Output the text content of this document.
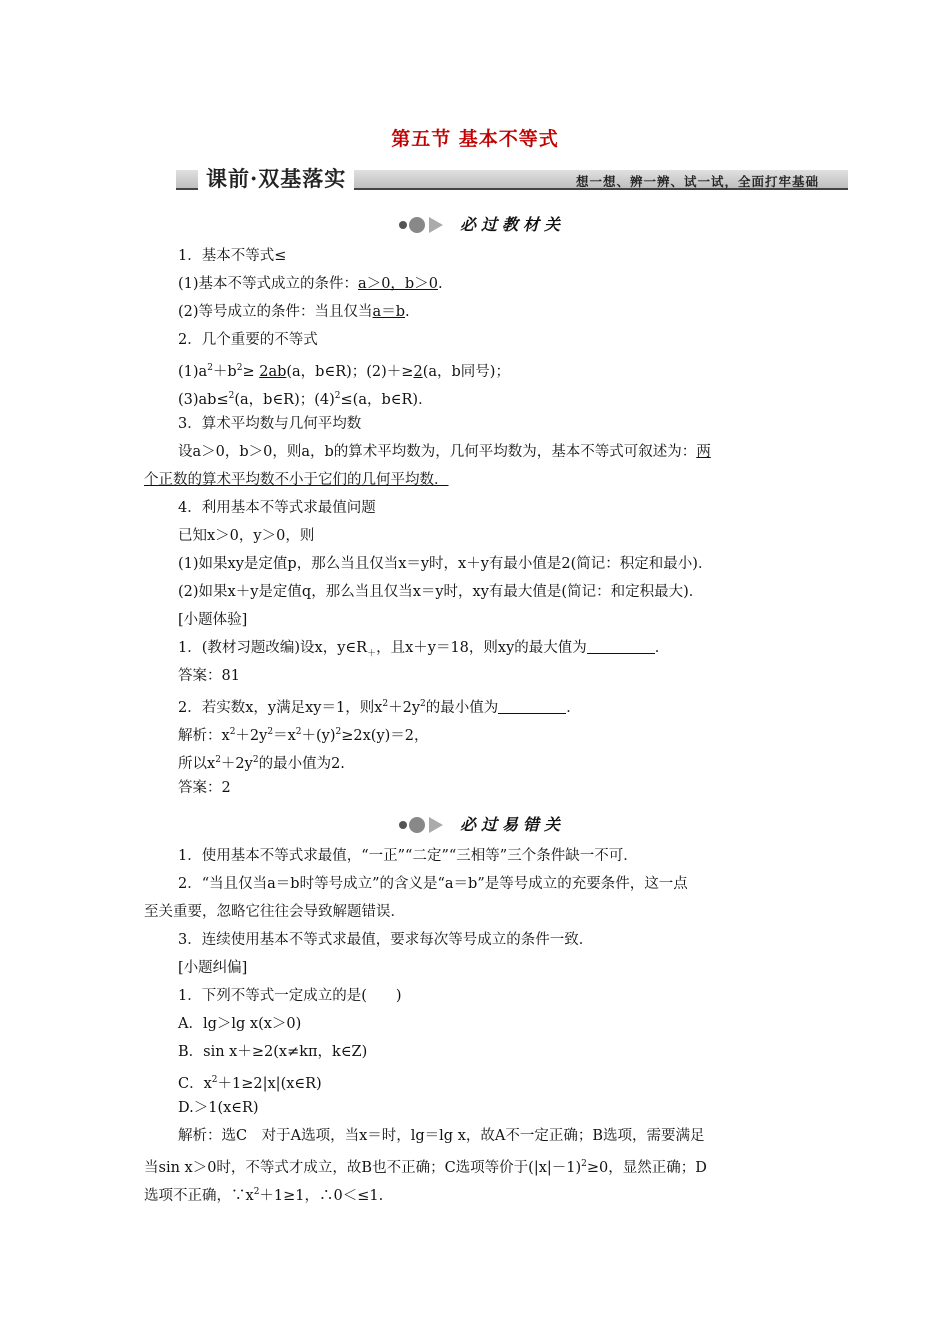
第五节 基本不等式
课前·双基落实	想一想、辨一辨、试一试，全面打牢基础
必过教材关
1．基本不等式≤
(1)基本不等式成立的条件：a＞0，b＞0.
(2)等号成立的条件：当且仅当a＝b.
2．几个重要的不等式
$(1)a^2+b^2\ge 2ab(a$，b∈R)；(2)＋≥2(a，b同号)；
(3)ab≤$^2$(a，b∈R)；$(4)^2\le(a$，b∈R)．
3．算术平均数与几何平均数
设a＞0，b＞0，则a，b的算术平均数为，几何平均数为，基本不等式可叙述为：两
个正数的算术平均数不小于它们的几何平均数．
4．利用基本不等式求最值问题
已知x＞0，y＞0，则
(1)如果xy是定值p，那么当且仅当x＝y时，x＋y有最小值是2(简记：积定和最小)．
(2)如果x＋y是定值q，那么当且仅当x＝y时，xy有最大值是(简记：和定积最大)．
[小题体验]
1．(教材习题改编)设x，$y\in R_+$，且x＋y＝18，则xy的最大值为	．
答案：81
2．若实数x，y满足xy＝1，则$x^2+2y^2$的最小值为	．
解析：$x^2+2y^2=x^2+(y)^2\ge 2x(y)=2$，
所以$x^2+2y^2$的最小值为2.
答案：2
必过易错关
1．使用基本不等式求最值，“一正”“二定”“三相等”三个条件缺一不可．
2．“当且仅当a＝b时等号成立”的含义是“a＝b”是等号成立的充要条件，这一点
至关重要，忽略它往往会导致解题错误．
3．连续使用基本不等式求最值，要求每次等号成立的条件一致．
[小题纠偏]
1．下列不等式一定成立的是(　　)
A．lg＞lg x(x＞0)
B．sin x＋≥2(x≠kπ，k∈Z)
C．$x^2+1\ge 2|x|(x\in R)$
D.＞1(x∈R)
解析：选C　对于A选项，当x＝时，lg＝lg x，故A不一定正确；B选项，需要满足
当sin x＞0时，不等式才成立，故B也不正确；C选项等价于$(|x|-1)^2\ge 0$，显然正确；D
选项不正确，$\because x^2+1\ge 1$，∴0＜≤1.
